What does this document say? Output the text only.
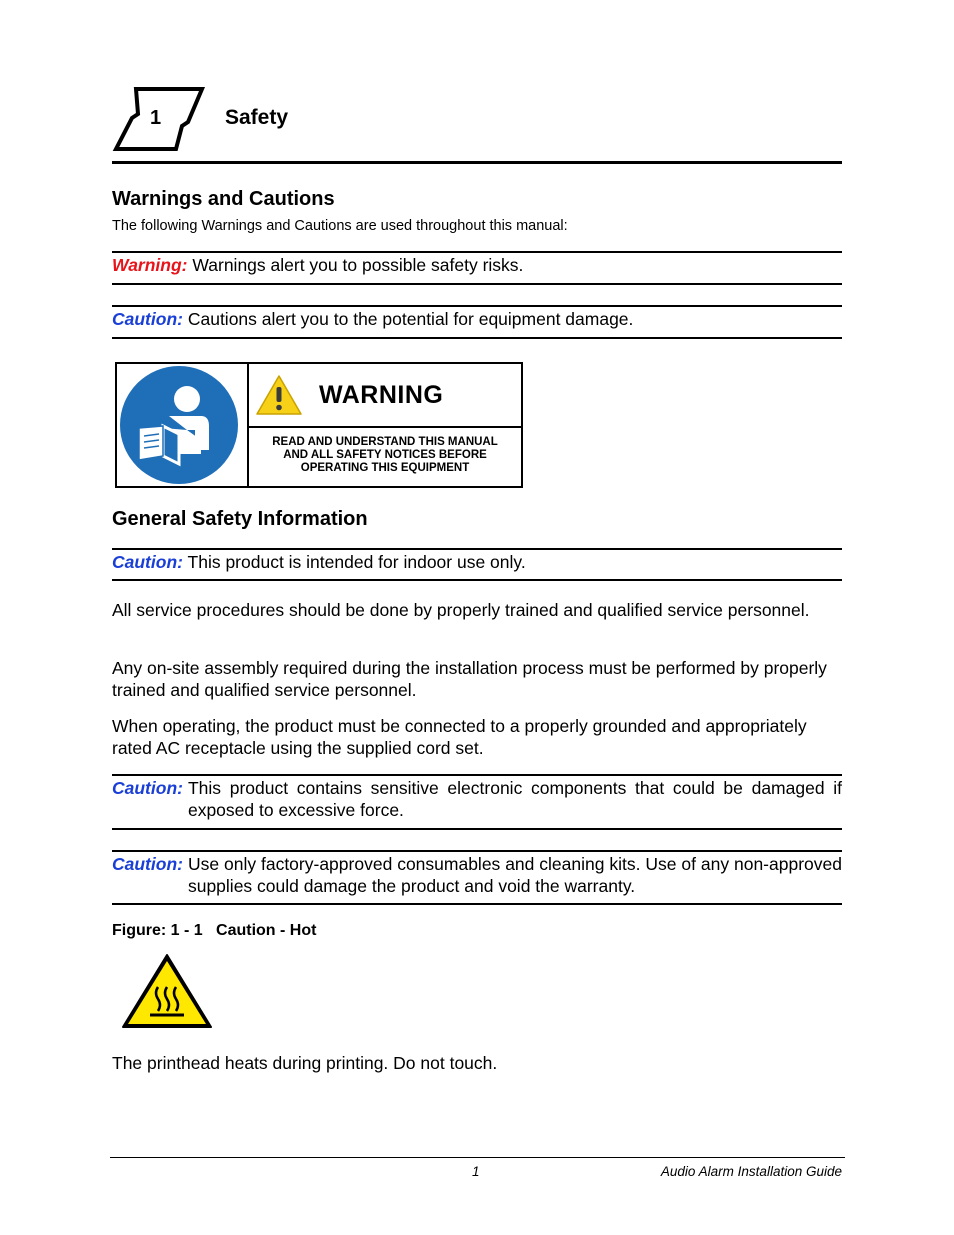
1	Safety
Warnings and Cautions
The following Warnings and Cautions are used throughout this manual:
Warning: Warnings alert you to possible safety risks.
Caution: Cautions alert you to the potential for equipment damage.
WARNING
READ AND UNDERSTAND THIS MANUAL
AND ALL SAFETY NOTICES BEFORE
OPERATING THIS EQUIPMENT
General Safety Information
Caution: This product is intended for indoor use only.
All service procedures should be done by properly trained and qualified service personnel.
Any on-site assembly required during the installation process must be performed by properly trained and qualified service personnel.
When operating, the product must be connected to a properly grounded and appropriately rated AC receptacle using the supplied cord set.
Caution: This product contains sensitive electronic components that could be damaged if exposed to excessive force.
Caution: Use only factory-approved consumables and cleaning kits. Use of any non-approved supplies could damage the product and void the warranty.
Figure: 1 - 1   Caution - Hot
The printhead heats during printing. Do not touch.
1	Audio Alarm Installation Guide
